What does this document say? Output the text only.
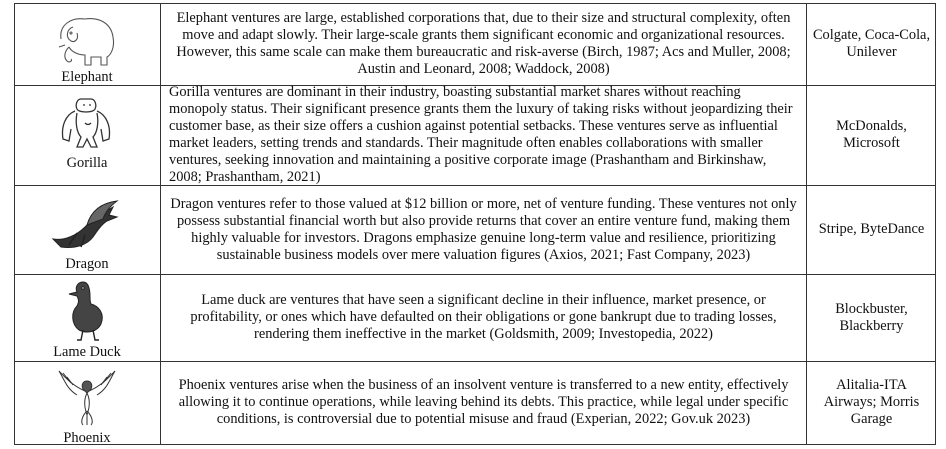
Elephant
Elephant ventures are large, established corporations that, due to their size and structural complexity, often move and adapt slowly. Their large-scale grants them significant economic and organizational resources. However, this same scale can make them bureaucratic and risk-averse (Birch, 1987; Acs and Muller, 2008; Austin and Leonard, 2008; Waddock, 2008)
Colgate, Coca-Cola, Unilever
Gorilla
Gorilla ventures are dominant in their industry, boasting substantial market shares without reaching monopoly status. Their significant presence grants them the luxury of taking risks without jeopardizing their customer base, as their size offers a cushion against potential setbacks. These ventures serve as influential market leaders, setting trends and standards. Their magnitude often enables collaborations with smaller ventures, seeking innovation and maintaining a positive corporate image (Prashantham and Birkinshaw, 2008; Prashantham, 2021)
McDonalds, Microsoft
Dragon
Dragon ventures refer to those valued at $12 billion or more, net of venture funding. These ventures not only possess substantial financial worth but also provide returns that cover an entire venture fund, making them highly valuable for investors. Dragons emphasize genuine long-term value and resilience, prioritizing sustainable business models over mere valuation figures (Axios, 2021; Fast Company, 2023)
Stripe, ByteDance
Lame Duck
Lame duck are ventures that have seen a significant decline in their influence, market presence, or profitability, or ones which have defaulted on their obligations or gone bankrupt due to trading losses, rendering them ineffective in the market (Goldsmith, 2009; Investopedia, 2022)
Blockbuster, Blackberry
Phoenix
Phoenix ventures arise when the business of an insolvent venture is transferred to a new entity, effectively allowing it to continue operations, while leaving behind its debts. This practice, while legal under specific conditions, is controversial due to potential misuse and fraud (Experian, 2022; Gov.uk 2023)
Alitalia-ITA Airways; Morris Garage
